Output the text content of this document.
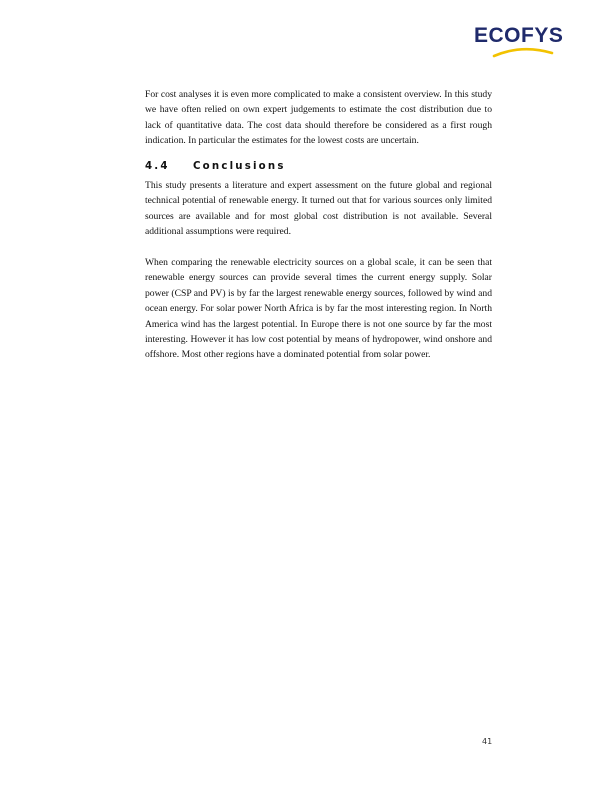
ECOFYS

For cost analyses it is even more complicated to make a consistent overview. In this study we have often relied on own expert judgements to estimate the cost distribution due to lack of quantitative data. The cost data should therefore be considered as a first rough indication. In particular the estimates for the lowest costs are uncertain.

4.4	Conclusions

This study presents a literature and expert assessment on the future global and regional technical potential of renewable energy. It turned out that for various sources only limited sources are available and for most global cost distribution is not available. Several additional assumptions were required.

When comparing the renewable electricity sources on a global scale, it can be seen that renewable energy sources can provide several times the current energy supply. Solar power (CSP and PV) is by far the largest renewable energy sources, followed by wind and ocean energy. For solar power North Africa is by far the most interesting region. In North America wind has the largest potential. In Europe there is not one source by far the most interesting. However it has low cost potential by means of hydropower, wind onshore and offshore. Most other regions have a dominated potential from solar power.

41
